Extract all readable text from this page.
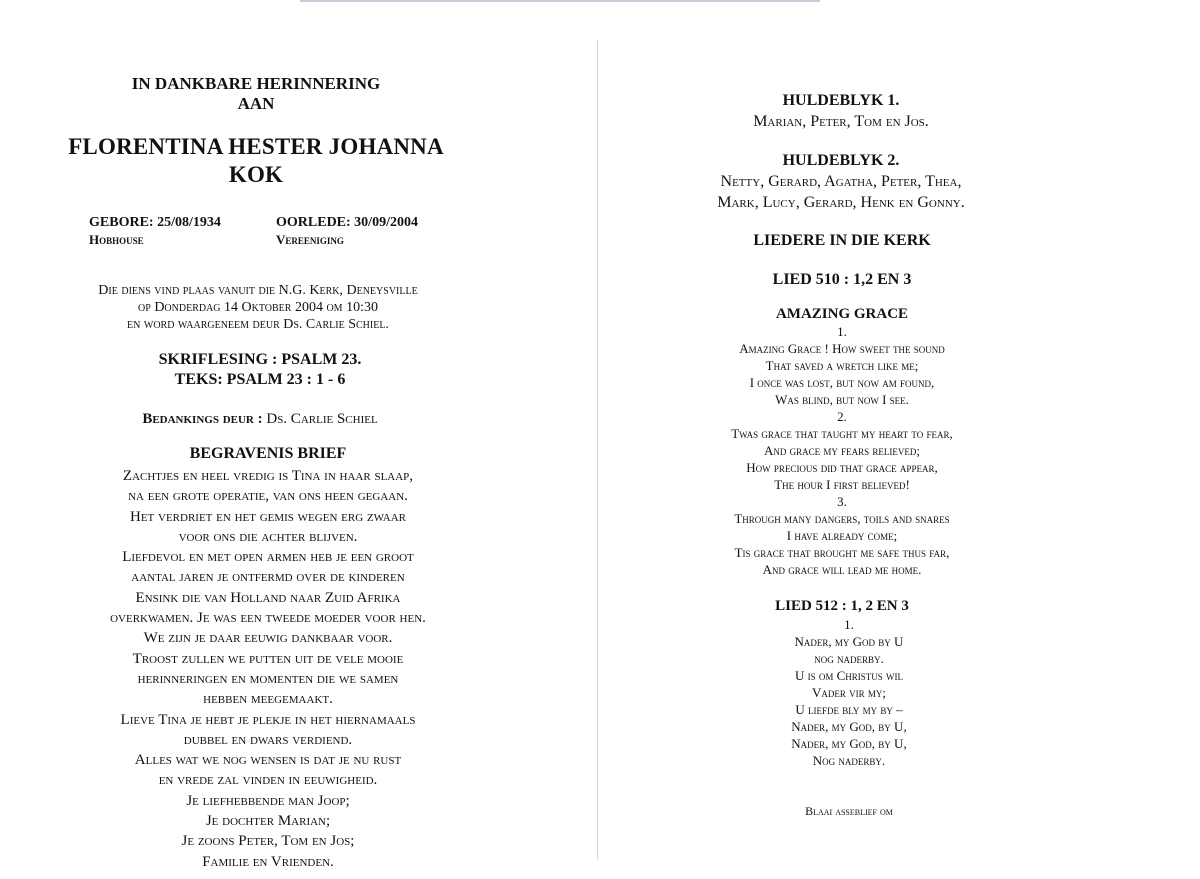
IN DANKBARE HERINNERING
AAN
FLORENTINA HESTER JOHANNA
KOK
GEBORE: 25/08/1934
Hobhouse
OORLEDE: 30/09/2004
Vereeniging
Die diens vind plaas vanuit die N.G. Kerk, Deneysville
op Donderdag 14 Oktober 2004 om 10:30
en word waargeneem deur Ds. Carlie Schiel.
SKRIFLESING : PSALM 23.
TEKS: PSALM 23 : 1 - 6
Bedankings deur : Ds. Carlie Schiel
BEGRAVENIS BRIEF
Zachtjes en heel vredig is Tina in haar slaap,
na een grote operatie, van ons heen gegaan.
Het verdriet en het gemis wegen erg zwaar
voor ons die achter blijven.
Liefdevol en met open armen heb je een groot
aantal jaren je ontfermd over de kinderen
Ensink die van Holland naar Zuid Afrika
overkwamen. Je was een tweede moeder voor hen.
We zijn je daar eeuwig dankbaar voor.
Troost zullen we putten uit de vele mooie
herinneringen en momenten die we samen
hebben meegemaakt.
Lieve Tina je hebt je plekje in het hiernamaals
dubbel en dwars verdiend.
Alles wat we nog wensen is dat je nu rust
en vrede zal vinden in eeuwigheid.
Je liefhebbende man Joop;
Je dochter Marian;
Je zoons Peter, Tom en Jos;
Familie en Vrienden.
HULDEBLYK 1.
Marian, Peter, Tom en Jos.
HULDEBLYK 2.
Netty, Gerard, Agatha, Peter, Thea,
Mark, Lucy, Gerard, Henk en Gonny.
LIEDERE IN DIE KERK
LIED 510 : 1,2 EN 3
AMAZING GRACE
1.
Amazing Grace ! How sweet the sound
That saved a wretch like me;
I once was lost, but now am found,
Was blind, but now I see.
2.
Twas grace that taught my heart to fear,
And grace my fears relieved;
How precious did that grace appear,
The hour I first believed!
3.
Through many dangers, toils and snares
I have already come;
Tis grace that brought me safe thus far,
And grace will lead me home.
LIED 512 : 1, 2 EN 3
1.
Nader, my God by U
nog naderby.
U is om Christus wil
Vader vir my;
U liefde bly my by –
Nader, my God, by U,
Nader, my God, by U,
Nog naderby.
Blaai asseblief om
